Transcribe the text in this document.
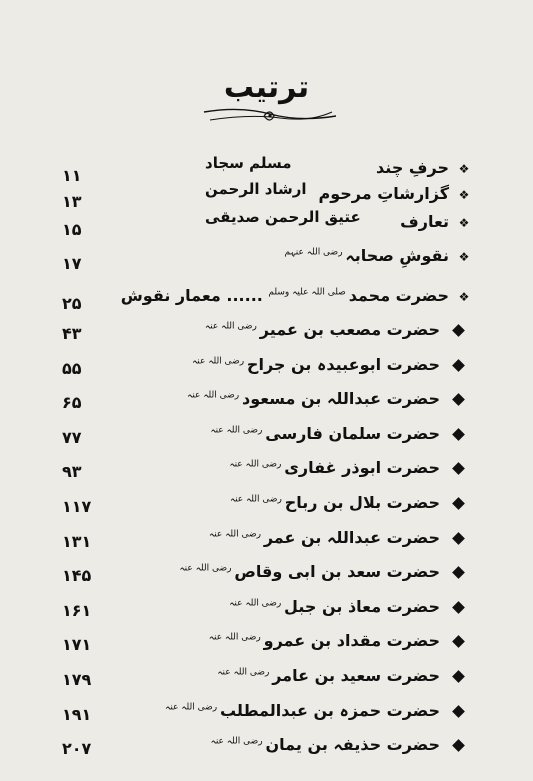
ترتیب
❖حرفِ چند
مسلم سجاد
۱۱
❖گزارشاتِ مرحوم
ارشاد الرحمن
۱۳
❖تعارف
عتیق الرحمن صدیقی
۱۵
❖نقوشِ صحابہ $^{رضی اللہ عنہم}$
۱۷
❖حضرت محمد $^{صلی اللہ علیہ وسلم}$ ...... معمار نقوش
۲۵
حضرت مصعب بن عمیر $^{رضی اللہ عنہ}$
۴۳
حضرت ابوعبیدہ بن جراح $^{رضی اللہ عنہ}$
۵۵
حضرت عبداللہ بن مسعود $^{رضی اللہ عنہ}$
۶۵
حضرت سلمان فارسی $^{رضی اللہ عنہ}$
۷۷
حضرت ابوذر غفاری $^{رضی اللہ عنہ}$
۹۳
حضرت بلال بن رباح $^{رضی اللہ عنہ}$
۱۱۷
حضرت عبداللہ بن عمر $^{رضی اللہ عنہ}$
۱۳۱
حضرت سعد بن ابی وقاص $^{رضی اللہ عنہ}$
۱۴۵
حضرت معاذ بن جبل $^{رضی اللہ عنہ}$
۱۶۱
حضرت مقداد بن عمرو $^{رضی اللہ عنہ}$
۱۷۱
حضرت سعید بن عامر $^{رضی اللہ عنہ}$
۱۷۹
حضرت حمزہ بن عبدالمطلب $^{رضی اللہ عنہ}$
۱۹۱
حضرت حذیفہ بن یمان $^{رضی اللہ عنہ}$
۲۰۷
